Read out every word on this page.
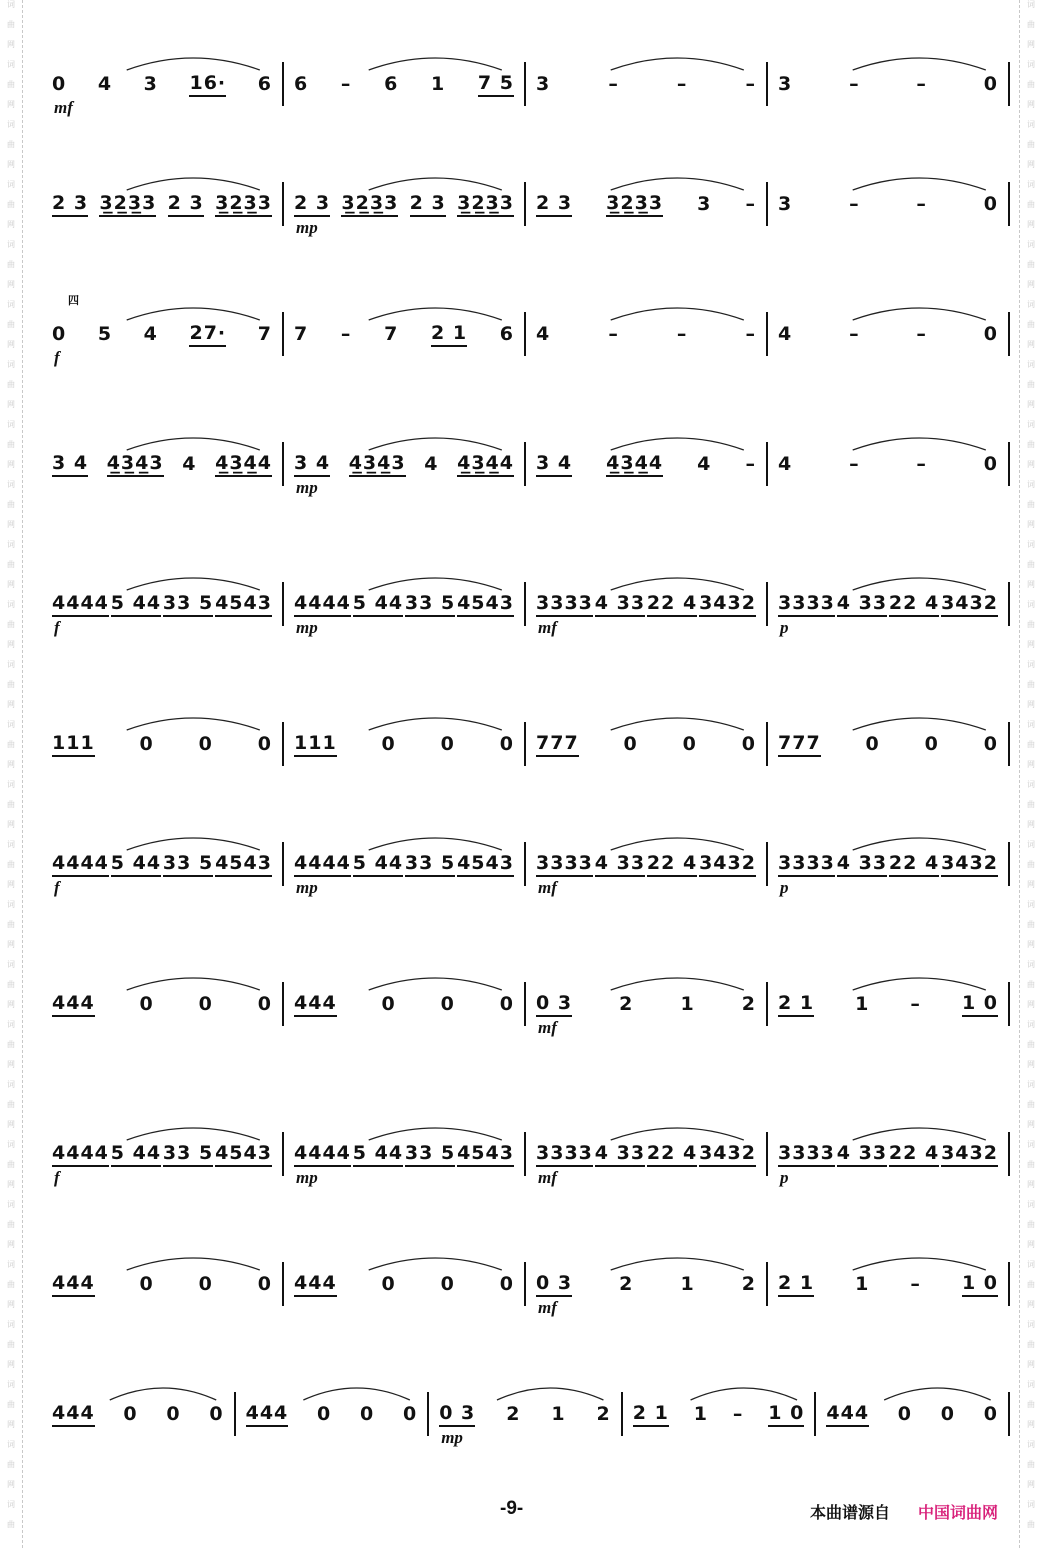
词
曲
网
词
曲
网
词
曲
网
词
曲
网
词
曲
网
词
曲
网
词
曲
网
词
曲
网
词
曲
网
词
曲
网
词
曲
网
词
曲
网
词
曲
网
词
曲
网
词
曲
网
词
曲
网
词
曲
网
词
曲
网
词
曲
网
词
曲
网
词
曲
网
词
曲
网
词
曲
网
词
曲
网
词
曲
网
词
曲
词
曲
网
词
曲
网
词
曲
网
词
曲
网
词
曲
网
词
曲
网
词
曲
网
词
曲
网
词
曲
网
词
曲
网
词
曲
网
词
曲
网
词
曲
网
词
曲
网
词
曲
网
词
曲
网
词
曲
网
词
曲
网
词
曲
网
词
曲
网
词
曲
网
词
曲
网
词
曲
网
词
曲
网
词
曲
网
词
曲
0 4 3 16· 6 6 – 6 1 7 5 3	–	–	– 3	–	–	0
mf
2 3 3̲2̲3̲3 2 3 3̲2̲3̲3 2 3 3̲2̲3̲3 2 3 3̲2̲3̲3 2 3 3̲2̲3̲3 3 – 3	–	–	0
mp
0 5 4 27· 7 7 – 7 2 1 6 4	–	–	– 4	–	–	0
f
四
3 4 4̲3̲4̲3 4 4̲3̲4̲4 3 4 4̲3̲4̲3 4 4̲3̲4̲4 3 4 4̲3̲4̲4 4 – 4	–	–	0
mp
4444 5 44 33 5 4543 4444 5 44 33 5 4543 3333 4 33 22 4 3432 3333 4 33 22 4 3432
f	mp	mf	p
111 0 0 0 111 0 0 0 777 0 0 0 777 0 0 0
4444 5 44 33 5 4543 4444 5 44 33 5 4543 3333 4 33 22 4 3432 3333 4 33 22 4 3432
f	mp	mf	p
444 0 0 0 444 0 0 0 0 3 2 1 2 2 1 1 – 1 0
mf
4444 5 44 33 5 4543 4444 5 44 33 5 4543 3333 4 33 22 4 3432 3333 4 33 22 4 3432
f	mp	mf	p
444 0 0 0 444 0 0 0 0 3 2 1 2 2 1 1 – 1 0
mf
444 0 0 0 444 0 0 0 0 3 2 1 2 2 1 1 – 1 0 444 0 0 0
mp
-9-	本曲谱源自 中国词曲网
